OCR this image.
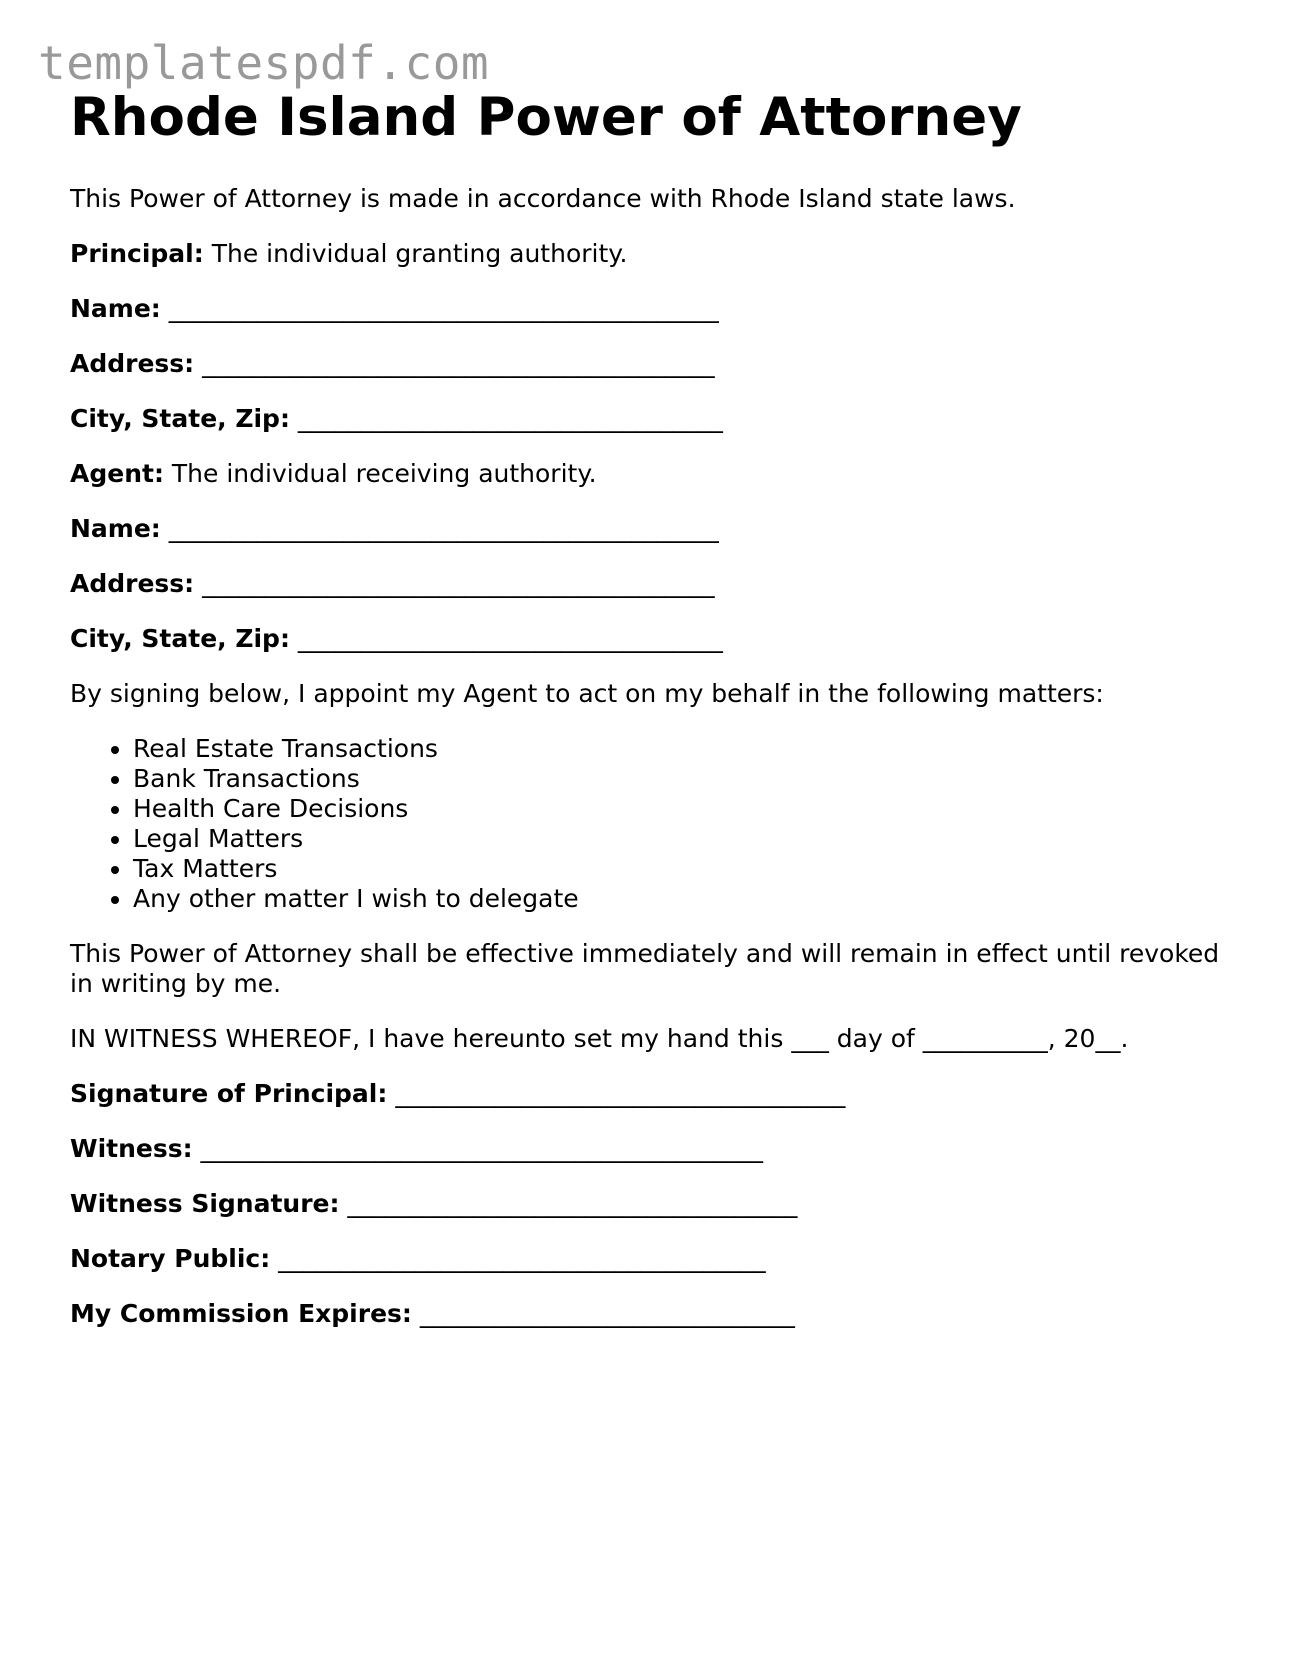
templatespdf.com
Rhode Island Power of Attorney

This Power of Attorney is made in accordance with Rhode Island state laws.

Principal: The individual granting authority.

Name: ____________________________________________
Address: _________________________________________
City, State, Zip: __________________________________

Agent: The individual receiving authority.

Name: ____________________________________________
Address: _________________________________________
City, State, Zip: __________________________________

By signing below, I appoint my Agent to act on my behalf in the following matters:

• Real Estate Transactions
• Bank Transactions
• Health Care Decisions
• Legal Matters
• Tax Matters
• Any other matter I wish to delegate

This Power of Attorney shall be effective immediately and will remain in effect until revoked in writing by me.

IN WITNESS WHEREOF, I have hereunto set my hand this ___ day of __________, 20__.

Signature of Principal: ____________________________________
Witness: _____________________________________________
Witness Signature: ____________________________________
Notary Public: _______________________________________
My Commission Expires: ______________________________
